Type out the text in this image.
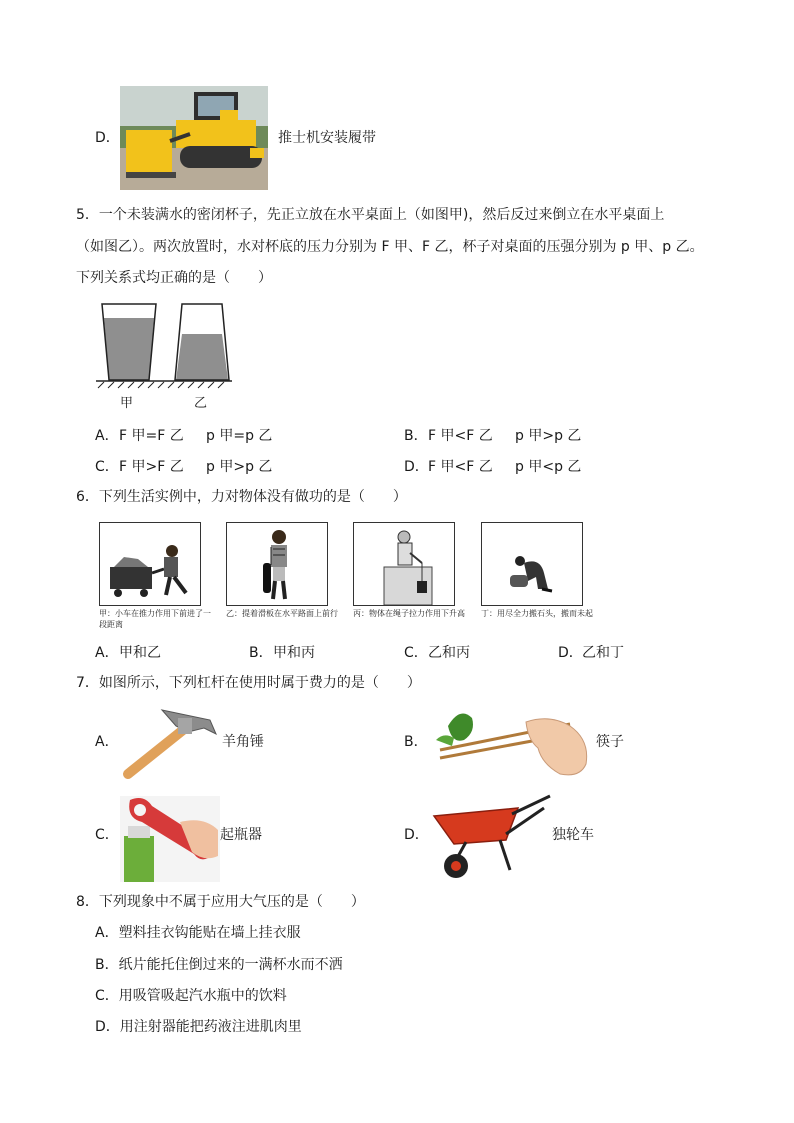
D．	推士机安装履带
5．一个未装满水的密闭杯子，先正立放在水平桌面上（如图甲)，然后反过来倒立在水平桌面上
（如图乙）。两次放置时，水对杯底的压力分别为 F 甲、F 乙，杯子对桌面的压强分别为 p 甲、p 乙。
下列关系式均正确的是（　　）
甲	乙
A． F 甲=F 乙 p 甲=p 乙	B． F 甲<F 乙 p 甲>p 乙
C． F 甲>F 乙 p 甲>p 乙	D． F 甲<F 乙 p 甲<p 乙
6．下列生活实例中，力对物体没有做功的是（　　）
甲：小车在推力作用下前进了一段距离
乙：提着滑板在水平路面上前行 丙：物体在绳子拉力作用下升高 丁：用尽全力搬石头，搬而未起
A． 甲和乙	B． 甲和丙	C． 乙和丙	D． 乙和丁
7．如图所示，下列杠杆在使用时属于费力的是（　　）
A．	羊角锤	B．	筷子
C．	起瓶器	D．	独轮车
8．下列现象中不属于应用大气压的是（　　）
A．塑料挂衣钩能贴在墙上挂衣服
B．纸片能托住倒过来的一满杯水而不洒
C．用吸管吸起汽水瓶中的饮料
D．用注射器能把药液注进肌肉里
